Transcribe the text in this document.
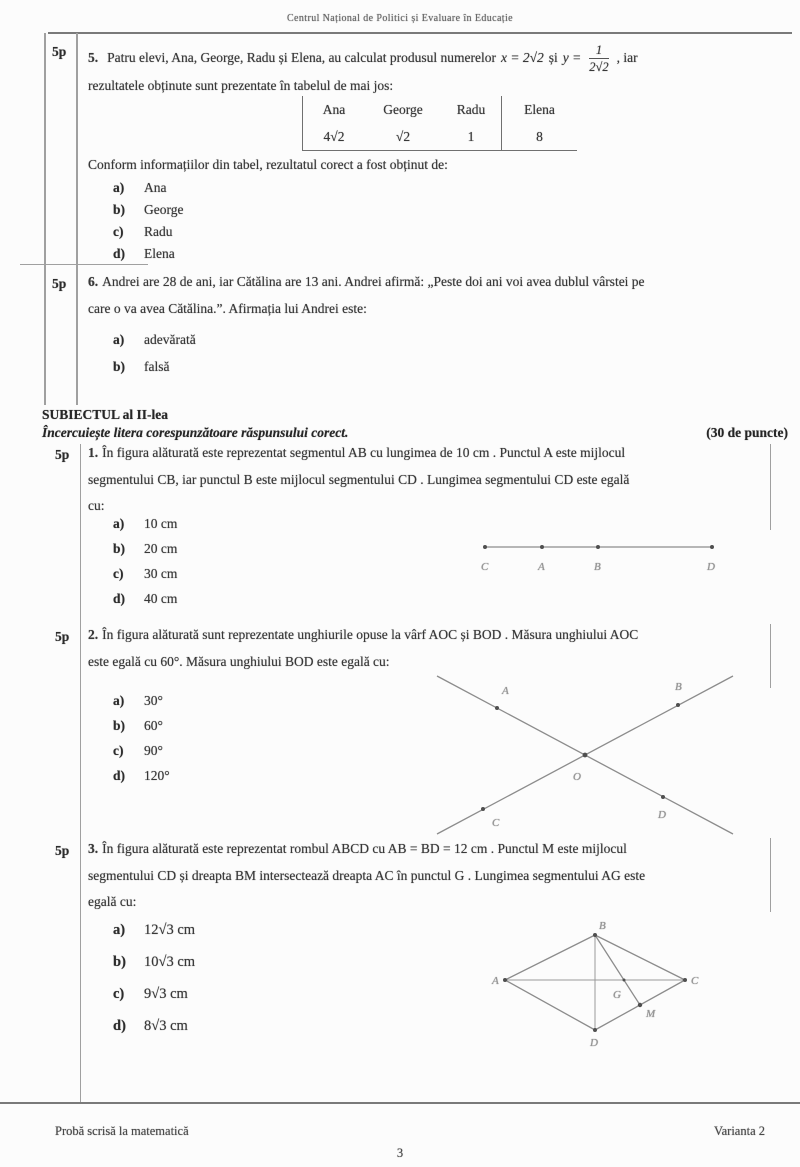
Centrul Național de Politici și Evaluare în Educație
5p 5. Patru elevi, Ana, George, Radu și Elena, au calculat produsul numerelor x = 2√2 și $y = \frac{1}{2√2}$ , iar
rezultatele obținute sunt prezentate în tabelul de mai jos:
Ana	George	Radu	Elena
4√2	√2	1	8
Conform informațiilor din tabel, rezultatul corect a fost obținut de:
a) Ana
b) George
c) Radu
d) Elena
5p 6. Andrei are 28 de ani, iar Cătălina are 13 ani. Andrei afirmă: „Peste doi ani voi avea dublul vârstei pe
care o va avea Cătălina.”. Afirmația lui Andrei este:
a) adevărată
b) falsă
SUBIECTUL al II-lea
Încercuiește litera corespunzătoare răspunsului corect.	(30 de puncte)
5p 1. În figura alăturată este reprezentat segmentul AB cu lungimea de 10 cm . Punctul A este mijlocul
segmentului CB, iar punctul B este mijlocul segmentului CD . Lungimea segmentului CD este egală
cu:
a) 10 cm
b) 20 cm
c) 30 cm
d) 40 cm
C	A	B	D
5p 2. În figura alăturată sunt reprezentate unghiurile opuse la vârf AOC și BOD . Măsura unghiului AOC
este egală cu 60°. Măsura unghiului BOD este egală cu:
a) 30°
b) 60°
c) 90°
d) 120°
A	B
O
C
D
5p 3. În figura alăturată este reprezentat rombul ABCD cu AB = BD = 12 cm . Punctul M este mijlocul
segmentului CD și dreapta BM intersectează dreapta AC în punctul G . Lungimea segmentului AG este
egală cu:
a) 12√3 cm
b) 10√3 cm
c) 9√3 cm
d) 8√3 cm
B
A	C
D
M
G
Probă scrisă la matematică	Varianta 2
3
